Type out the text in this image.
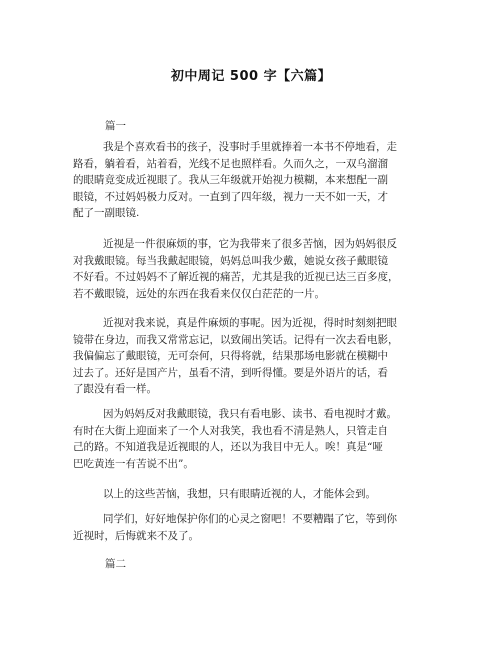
初中周记 500 字【六篇】
篇一
我是个喜欢看书的孩子，没事时手里就捧着一本书不停地看，走
路看，躺着看，站着看，光线不足也照样看。久而久之，一双乌溜溜
的眼睛竟变成近视眼了。我从三年级就开始视力模糊，本来想配一副
眼镜，不过妈妈极力反对。一直到了四年级，视力一天不如一天，才
配了一副眼镜.
近视是一件很麻烦的事，它为我带来了很多苦恼，因为妈妈很反
对我戴眼镜。每当我戴起眼镜，妈妈总叫我少戴，她说女孩子戴眼镜
不好看。不过妈妈不了解近视的痛苦，尤其是我的近视已达三百多度，
若不戴眼镜，远处的东西在我看来仅仅白茫茫的一片。
近视对我来说，真是件麻烦的事呢。因为近视，得时时刻刻把眼
镜带在身边，而我又常常忘记，以致闹出笑话。记得有一次去看电影，
我偏偏忘了戴眼镜，无可奈何，只得将就，结果那场电影就在模糊中
过去了。还好是国产片，虽看不清，到听得懂。要是外语片的话，看
了跟没有看一样。
因为妈妈反对我戴眼镜，我只有看电影、读书、看电视时才戴。
有时在大街上迎面来了一个人对我笑，我也看不清是熟人，只管走自
己的路。不知道我是近视眼的人，还以为我目中无人。唉！真是“哑
巴吃黄连一有苦说不出”。
以上的这些苦恼，我想，只有眼睛近视的人，才能体会到。
同学们，好好地保护你们的心灵之窗吧！不要糟蹋了它，等到你
近视时，后悔就来不及了。
篇二
